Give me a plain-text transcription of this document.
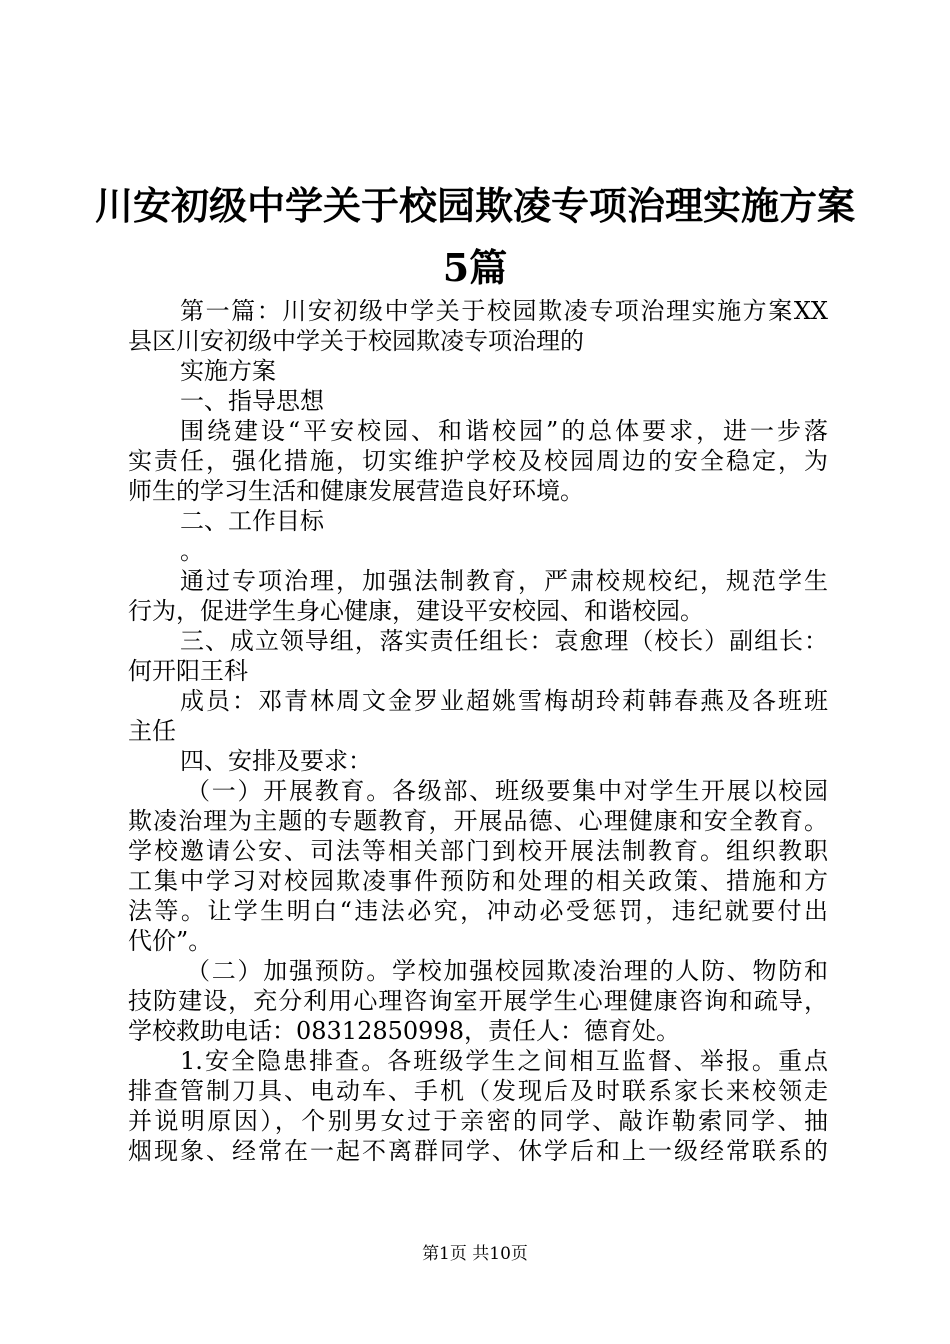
川安初级中学关于校园欺凌专项治理实施方案
5篇
第一篇：川安初级中学关于校园欺凌专项治理实施方案XX
县区川安初级中学关于校园欺凌专项治理的
实施方案
一、指导思想
围绕建设“平安校园、和谐校园”的总体要求，进一步落
实责任，强化措施，切实维护学校及校园周边的安全稳定，为
师生的学习生活和健康发展营造良好环境。
二、工作目标
。
通过专项治理，加强法制教育，严肃校规校纪，规范学生
行为，促进学生身心健康，建设平安校园、和谐校园。
三、成立领导组，落实责任组长：袁愈理（校长）副组长：
何开阳王科
成员：邓青林周文金罗业超姚雪梅胡玲莉韩春燕及各班班
主任
四、安排及要求：
（一）开展教育。各级部、班级要集中对学生开展以校园
欺凌治理为主题的专题教育，开展品德、心理健康和安全教育。
学校邀请公安、司法等相关部门到校开展法制教育。组织教职
工集中学习对校园欺凌事件预防和处理的相关政策、措施和方
法等。让学生明白“违法必究，冲动必受惩罚，违纪就要付出
代价”。
（二）加强预防。学校加强校园欺凌治理的人防、物防和
技防建设，充分利用心理咨询室开展学生心理健康咨询和疏导，
学校救助电话：08312850998，责任人：德育处。
1.安全隐患排查。各班级学生之间相互监督、举报。重点
排查管制刀具、电动车、手机（发现后及时联系家长来校领走
并说明原因），个别男女过于亲密的同学、敲诈勒索同学、抽
烟现象、经常在一起不离群同学、休学后和上一级经常联系的
第1页 共10页
